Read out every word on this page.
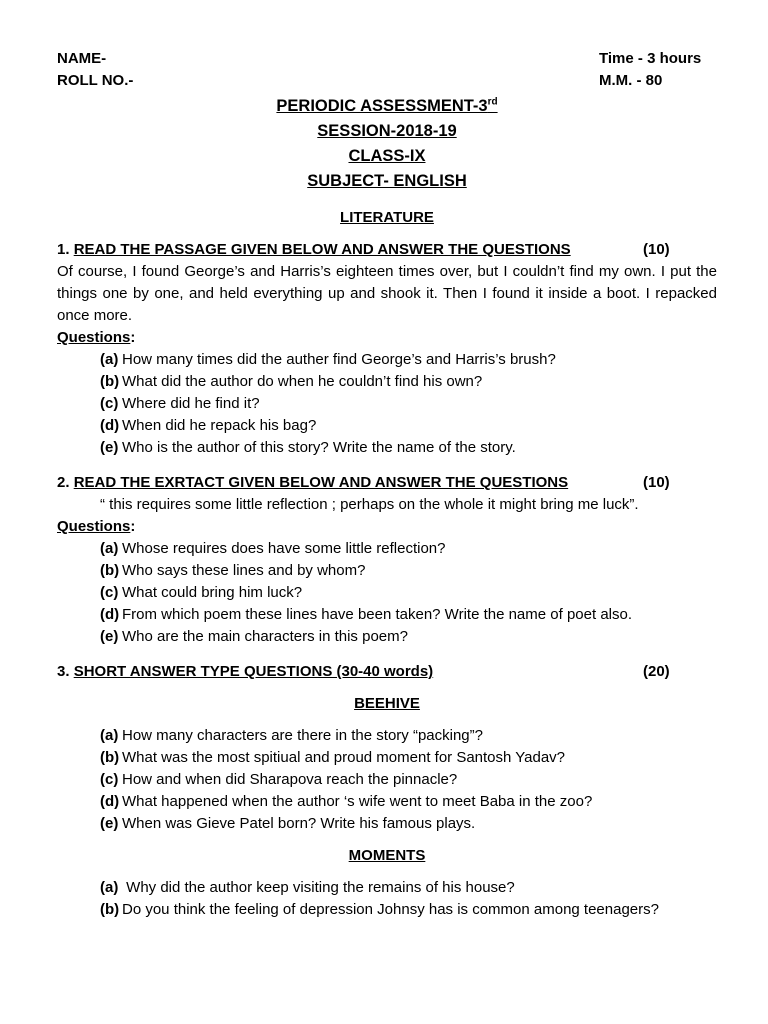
NAME-	Time - 3 hours
ROLL NO.-	M.M. - 80
PERIODIC ASSESSMENT-3rd
SESSION-2018-19
CLASS-IX
SUBJECT- ENGLISH
LITERATURE
1. READ THE PASSAGE GIVEN BELOW AND ANSWER THE QUESTIONS	(10)
Of course, I found George’s and Harris’s eighteen times over, but I couldn’t find my own. I put the things one by one, and held everything up and shook it. Then I found it inside a boot. I repacked once more.
Questions:
(a) How many times did the auther find George’s and Harris’s brush?
(b) What did the author do when he couldn’t find his own?
(c) Where did he find it?
(d) When did he repack his bag?
(e) Who is the author of this story? Write the name of the story.
2. READ THE EXRTACT GIVEN BELOW AND ANSWER THE QUESTIONS	(10)
“ this requires some little reflection ; perhaps on the whole it might bring me luck”.
Questions:
(a) Whose requires does have some little reflection?
(b) Who says these lines and by whom?
(c) What could bring him luck?
(d) From which poem these lines have been taken? Write the name of poet also.
(e) Who are the main characters in this poem?
3. SHORT ANSWER TYPE QUESTIONS (30-40 words)	(20)
BEEHIVE
(a) How many characters are there in the story “packing”?
(b) What was the most spitiual and proud moment for Santosh Yadav?
(c) How and when did Sharapova reach the pinnacle?
(d) What happened when the author ‘s wife went to meet Baba in the zoo?
(e) When was Gieve Patel born? Write his famous plays.
MOMENTS
(a) Why did the author keep visiting the remains of his house?
(b) Do you think the feeling of depression Johnsy has is common among teenagers?
